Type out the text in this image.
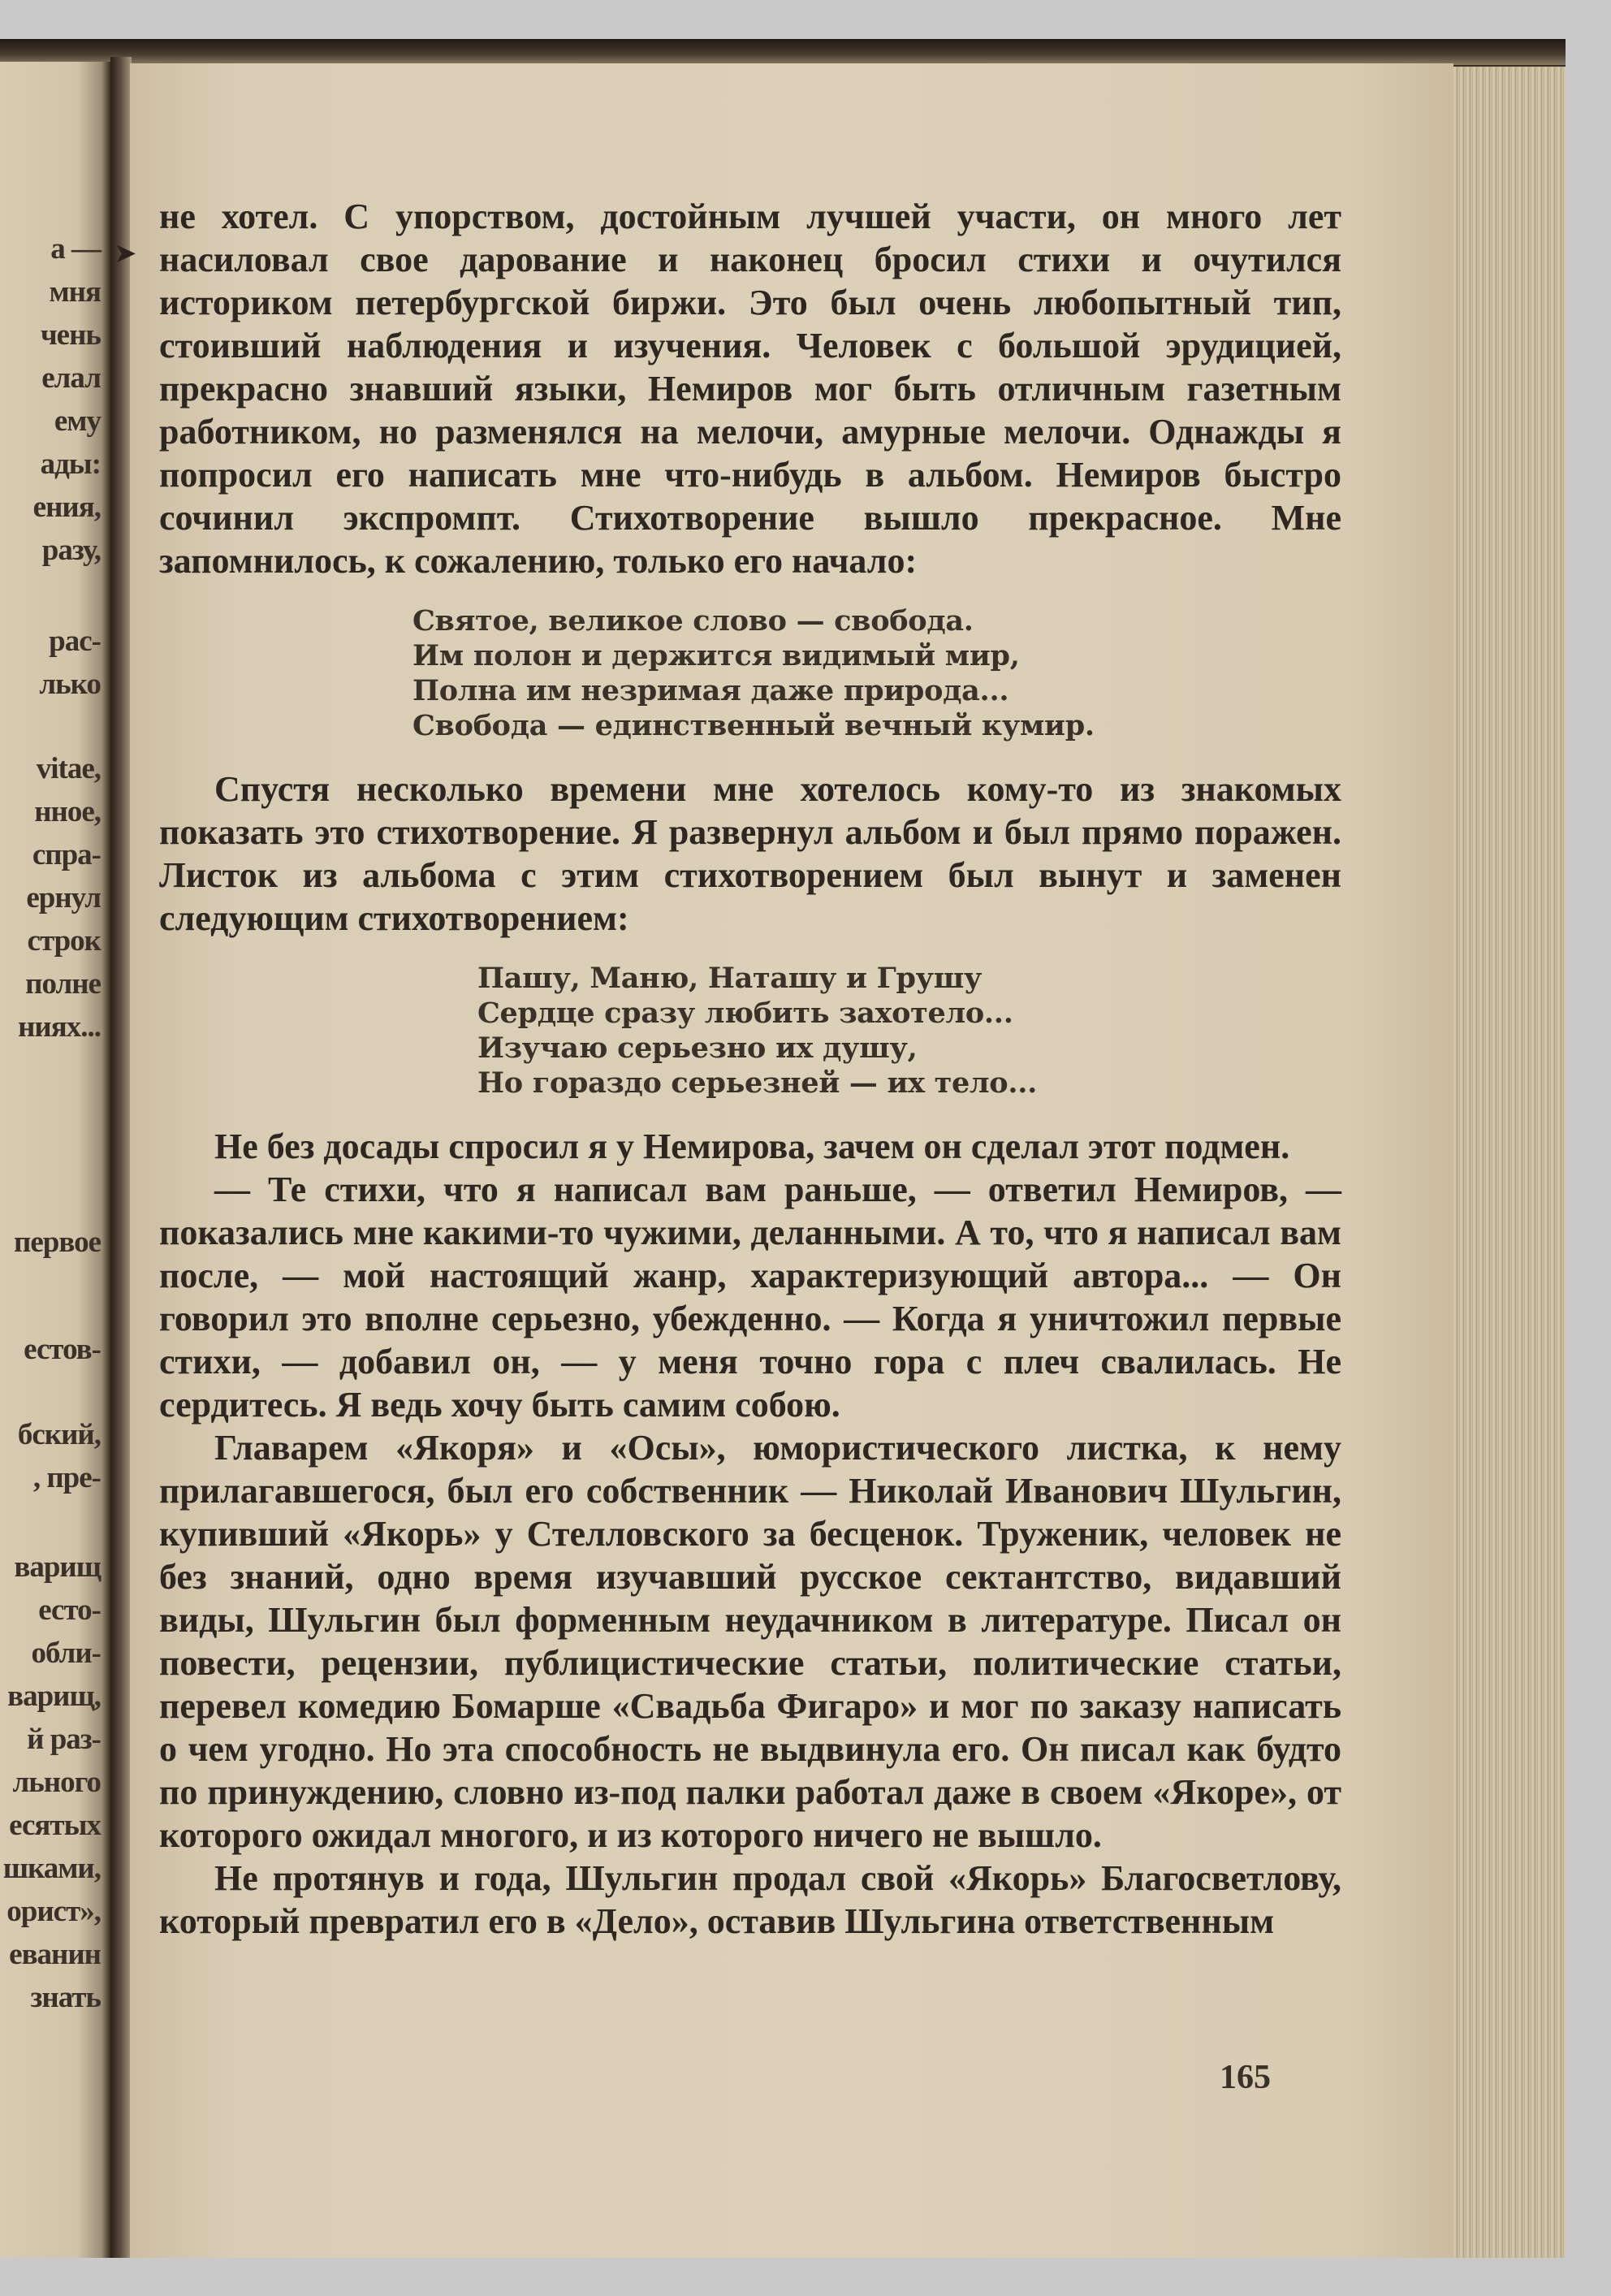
а —
мня
чень
елал
ему
ады:
ения,
разу,
рас-
лько
vitae,
нное,
спра-
ернул
строк
полне
ниях...
первое
естов-
бский,
, пре-
варищ
есто-
обли-
варищ,
й раз-
льного
есятых
шками,
орист»,
еванин
знать
➤

не хотел. С упорством, достойным лучшей участи, он много лет насиловал свое дарование и наконец бросил стихи и очутился историком петербургской биржи. Это был очень любопытный тип, стоивший наблюдения и изучения. Человек с большой эрудицией, прекрасно знавший языки, Немиров мог быть отличным газетным работником, но разменялся на мелочи, амурные мелочи. Однажды я попросил его написать мне что-нибудь в альбом. Немиров быстро сочинил экспромпт. Стихотворение вышло прекрасное. Мне запомнилось, к сожалению, только его начало:

Святое, великое слово — свобода.
Им полон и держится видимый мир,
Полна им незримая даже природа...
Свобода — единственный вечный кумир.

Спустя несколько времени мне хотелось кому-то из знакомых показать это стихотворение. Я развернул альбом и был прямо поражен. Листок из альбома с этим стихотворением был вынут и заменен следующим стихотворением:

Пашу, Маню, Наташу и Грушу
Сердце сразу любить захотело...
Изучаю серьезно их душу,
Но гораздо серьезней — их тело...

Не без досады спросил я у Немирова, зачем он сделал этот подмен.

— Те стихи, что я написал вам раньше, — ответил Немиров, — показались мне какими-то чужими, деланными. А то, что я написал вам после, — мой настоящий жанр, характеризующий автора... — Он говорил это вполне серьезно, убежденно. — Когда я уничтожил первые стихи, — добавил он, — у меня точно гора с плеч свалилась. Не сердитесь. Я ведь хочу быть самим собою.

Главарем «Якоря» и «Осы», юмористического листка, к нему прилагавшегося, был его собственник — Николай Иванович Шульгин, купивший «Якорь» у Стелловского за бесценок. Труженик, человек не без знаний, одно время изучавший русское сектантство, видавший виды, Шульгин был форменным неудачником в литературе. Писал он повести, рецензии, публицистические статьи, политические статьи, перевел комедию Бомарше «Свадьба Фигаро» и мог по заказу написать о чем угодно. Но эта способность не выдвинула его. Он писал как будто по принуждению, словно из-под палки работал даже в своем «Якоре», от которого ожидал многого, и из которого ничего не вышло.

Не протянув и года, Шульгин продал свой «Якорь» Благосветлову, который превратил его в «Дело», оставив Шульгина ответственным

165
